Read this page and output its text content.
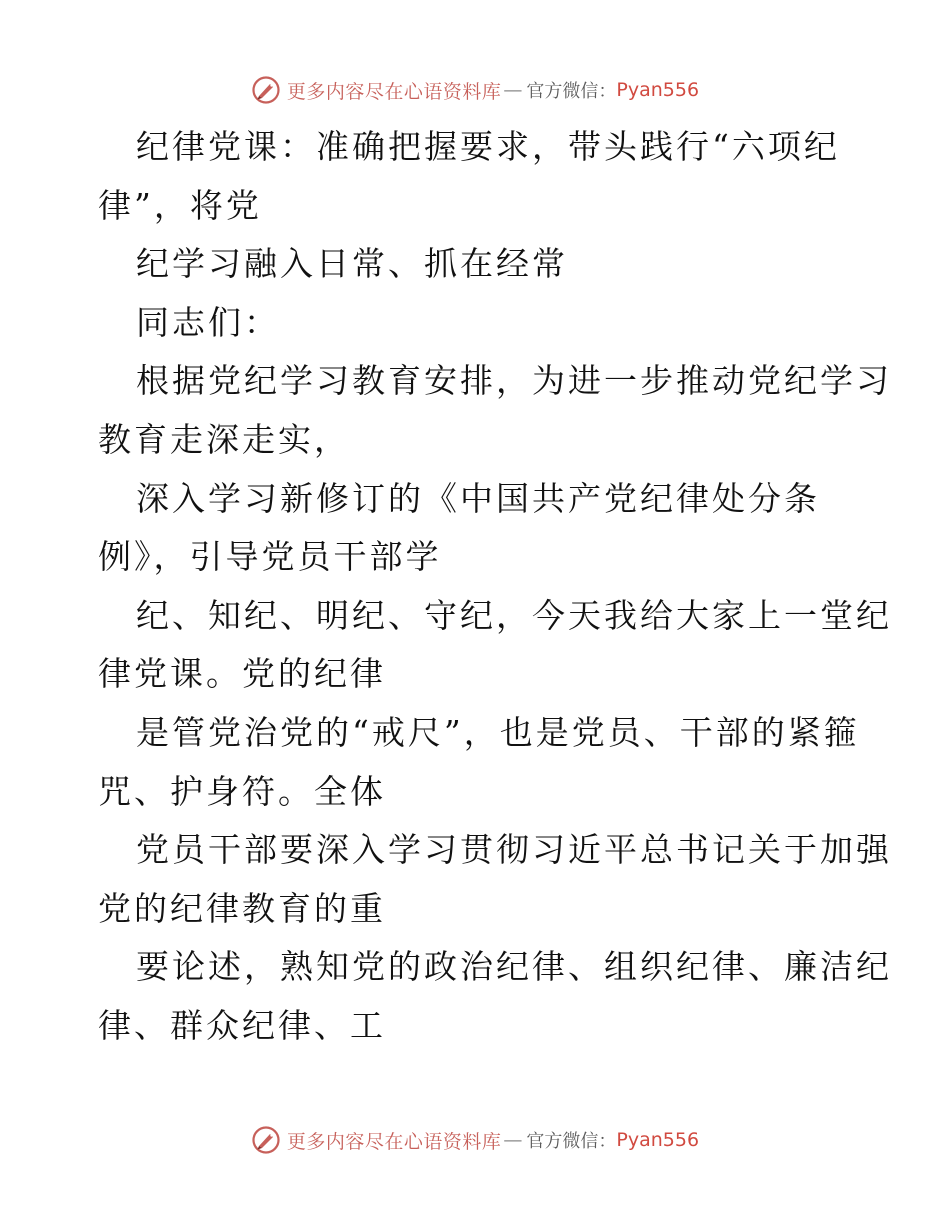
更多内容尽在心语资料库 — 官方微信： Pyan556
纪律党课：准确把握要求，带头践行“六项纪
律”，将党
纪学习融入日常、抓在经常
同志们：
根据党纪学习教育安排，为进一步推动党纪学习
教育走深走实，
深入学习新修订的《中国共产党纪律处分条
例》，引导党员干部学
纪、知纪、明纪、守纪，今天我给大家上一堂纪
律党课。党的纪律
是管党治党的“戒尺”，也是党员、干部的紧箍
咒、护身符。全体
党员干部要深入学习贯彻习近平总书记关于加强
党的纪律教育的重
要论述，熟知党的政治纪律、组织纪律、廉洁纪
律、群众纪律、工
更多内容尽在心语资料库 — 官方微信： Pyan556
